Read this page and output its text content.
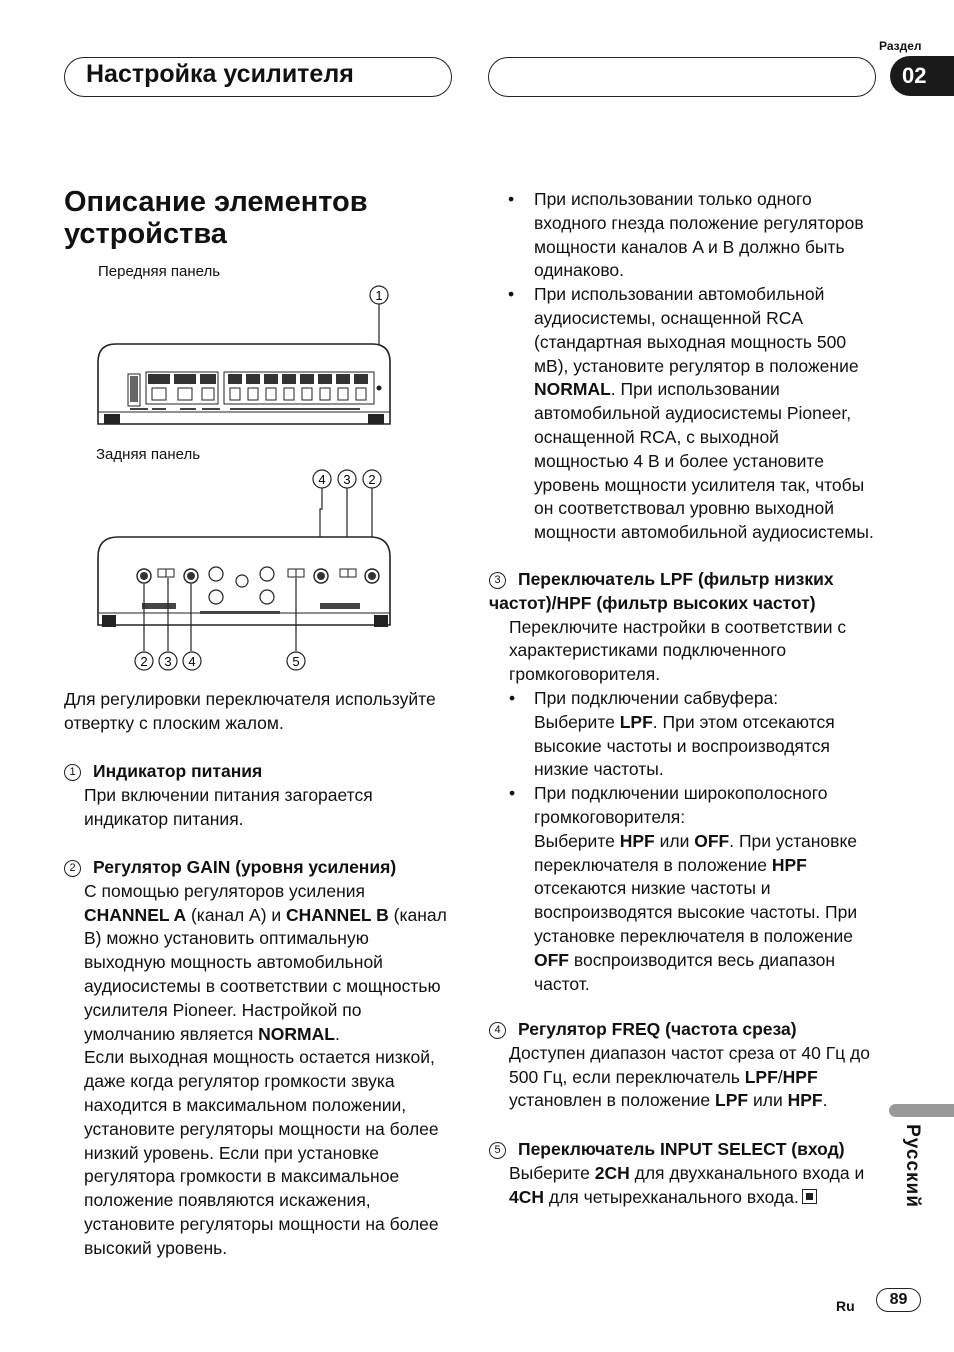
Настройка усилителя
Раздел
02
Описание элементов устройства
Передняя панель
Задняя панель
1
4 3 2
2 3 4	5
Для регулировки переключателя используйте отвертку с плоским жалом.

1 Индикатор питания

При включении питания загорается индикатор питания.

2 Регулятор GAIN (уровня усиления)

С помощью регуляторов усиления CHANNEL A (канал A) и CHANNEL B (канал B) можно установить оптимальную выходную мощность автомобильной аудиосистемы в соответствии с мощностью усилителя Pioneer. Настройкой по умолчанию является NORMAL.

Если выходная мощность остается низкой, даже когда регулятор громкости звука находится в максимальном положении, установите регуляторы мощности на более низкий уровень. Если при установке регулятора громкости в максимальное положение появляются искажения, установите регуляторы мощности на более высокий уровень.

• При использовании только одного входного гнезда положение регуляторов мощности каналов A и B должно быть одинаково.
• При использовании автомобильной аудиосистемы, оснащенной RCA (стандартная выходная мощность 500 мВ), установите регулятор в положение NORMAL. При использовании автомобильной аудиосистемы Pioneer, оснащенной RCA, с выходной мощностью 4 В и более установите уровень мощности усилителя так, чтобы он соответствовал уровню выходной мощности автомобильной аудиосистемы.

3 Переключатель LPF (фильтр низких частот)/HPF (фильтр высоких частот)

Переключите настройки в соответствии с характеристиками подключенного громкоговорителя.

• При подключении сабвуфера:
Выберите LPF. При этом отсекаются высокие частоты и воспроизводятся низкие частоты.
• При подключении широкополосного громкоговорителя:
Выберите HPF или OFF. При установке переключателя в положение HPF отсекаются низкие частоты и воспроизводятся высокие частоты. При установке переключателя в положение OFF воспроизводится весь диапазон частот.

4 Регулятор FREQ (частота среза)

Доступен диапазон частот среза от 40 Гц до 500 Гц, если переключатель LPF/HPF установлен в положение LPF или HPF.

5 Переключатель INPUT SELECT (вход)

Выберите 2CH для двухканального входа и 4CH для четырехканального входа.	Русский
Ru	89
